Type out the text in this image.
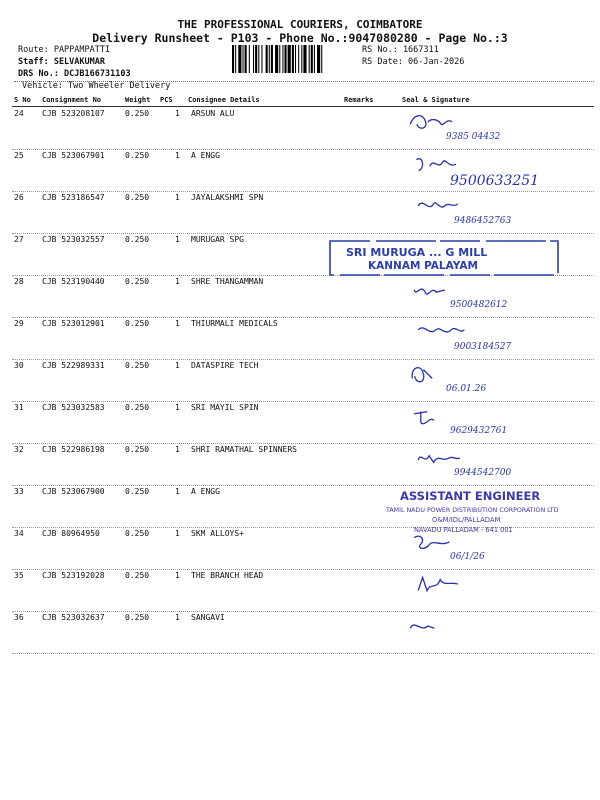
THE PROFESSIONAL COURIERS, COIMBATORE
Delivery Runsheet - P103 - Phone No.:9047080280 - Page No.:3
Route: PAPPAMPATTI
Staff: SELVAKUMAR
DRS No.: DCJB166731103
RS No.: 1667311
RS Date: 06-Jan-2026
Vehicle: Two Wheeler Delivery
S No Consignment No	Weight PCS Consignee Details	Remarks	Seal & Signature
24 CJB 523208107	0.250	1 ARSUN ALU
9385 04432
25 CJB 523067901	0.250	1 A ENGG
9500633251
26 CJB 523186547	0.250	1 JAYALAKSHMI SPN
9486452763
27 CJB 523032557	0.250	1 MURUGAR SPG
28 CJB 523190440	0.250	1 SHRE THANGAMMAN
9500482612
29 CJB 523012901	0.250	1 THIURMALI MEDICALS
9003184527
30 CJB 522989331	0.250	1 DATASPIRE TECH
06.01.26
31 CJB 523032583	0.250	1 SRI MAYIL SPIN
9629432761
32 CJB 522986198	0.250	1 SHRI RAMATHAL SPINNERS
9944542700
33 CJB 523067900	0.250	1 A ENGG
34 CJB 80964950	0.250	1 SKM ALLOYS+
06/1/26
35 CJB 523192028	0.250	1 THE BRANCH HEAD
36 CJB 523032637	0.250	1 SANGAVI
SRI MURUGA ... G MILL
KANNAM PALAYAM
ASSISTANT ENGINEER
TAMIL NADU POWER DISTRIBUTION CORPORATION LTD
O&M/IDL/PALLADAM
NAVADU PALLADAM - 641 001
